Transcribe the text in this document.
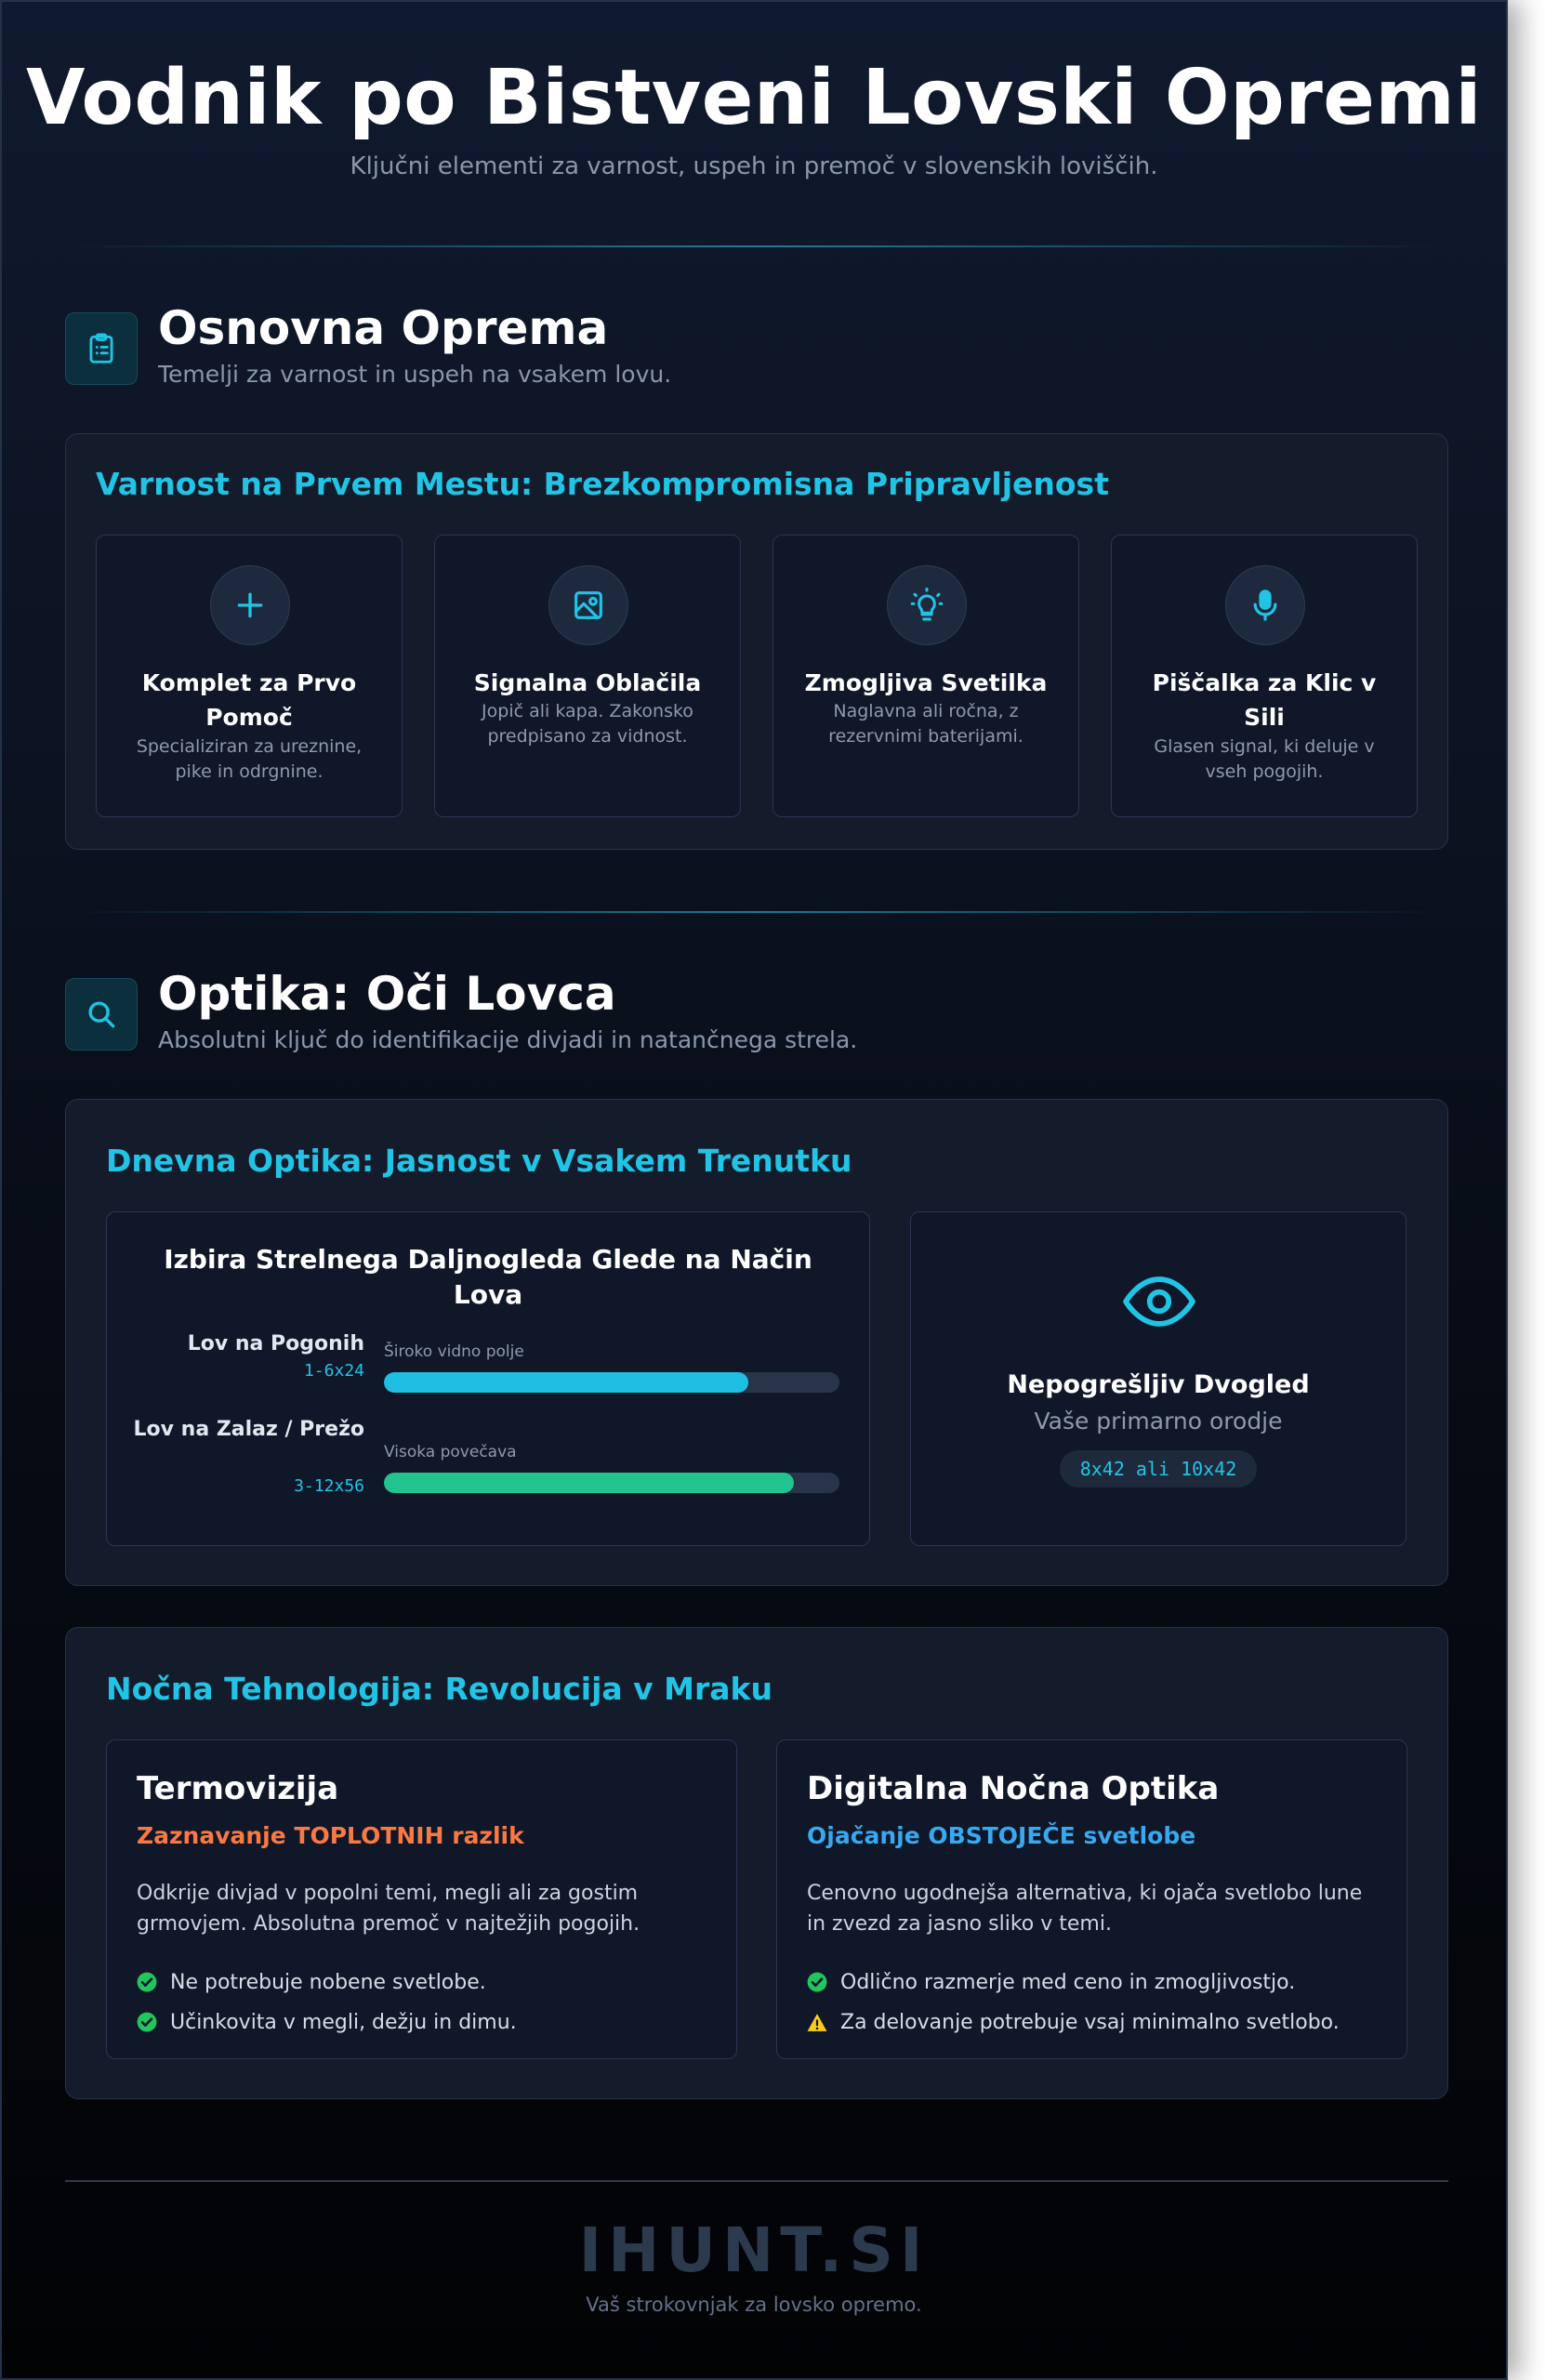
Vodnik po Bistveni Lovski Opremi
Ključni elementi za varnost, uspeh in premoč v slovenskih loviščih.
Osnovna Oprema
Temelji za varnost in uspeh na vsakem lovu.
Varnost na Prvem Mestu: Brezkompromisna Pripravljenost
Komplet za Prvo Pomoč
Specializiran za ureznine, pike in odrgnine.
Signalna Oblačila
Jopič ali kapa. Zakonsko predpisano za vidnost.
Zmogljiva Svetilka
Naglavna ali ročna, z rezervnimi baterijami.
Piščalka za Klic v Sili
Glasen signal, ki deluje v vseh pogojih.
Optika: Oči Lovca
Absolutni ključ do identifikacije divjadi in natančnega strela.
Dnevna Optika: Jasnost v Vsakem Trenutku
Izbira Strelnega Daljnogleda Glede na Način Lova
Lov na Pogonih
1-6x24
Široko vidno polje
Lov na Zalaz / Prežo
3-12x56
Visoka povečava
Nepogrešljiv Dvogled
Vaše primarno orodje
8x42 ali 10x42
Nočna Tehnologija: Revolucija v Mraku
Termovizija
Zaznavanje TOPLOTNIH razlik
Odkrije divjad v popolni temi, megli ali za gostim grmovjem. Absolutna premoč v najtežjih pogojih.
Ne potrebuje nobene svetlobe.
Učinkovita v megli, dežju in dimu.
Digitalna Nočna Optika
Ojačanje OBSTOJEČE svetlobe
Cenovno ugodnejša alternativa, ki ojača svetlobo lune in zvezd za jasno sliko v temi.
Odlično razmerje med ceno in zmogljivostjo.
Za delovanje potrebuje vsaj minimalno svetlobo.
IHUNT.SI
Vaš strokovnjak za lovsko opremo.
